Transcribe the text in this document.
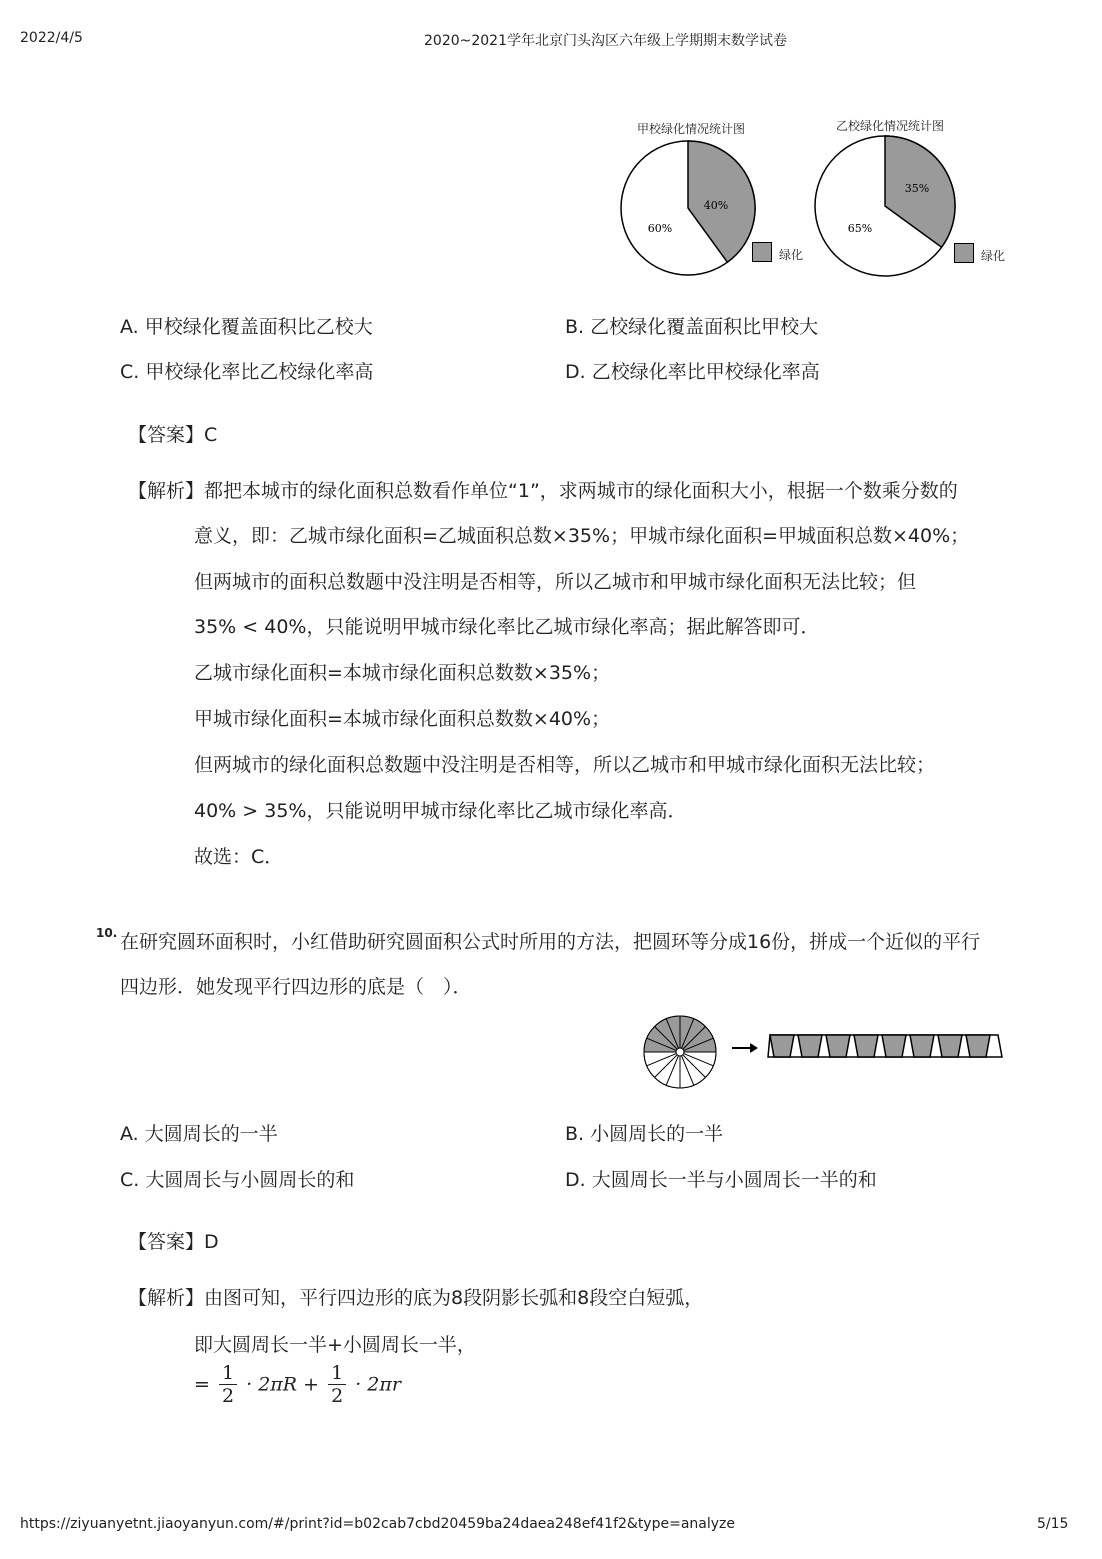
2022/4/5	2020~2021学年北京门头沟区六年级上学期期末数学试卷
甲校绿化情况统计图
40%
60%
绿化
乙校绿化情况统计图
35%
65%
绿化
A. 甲校绿化覆盖面积比乙校大	B. 乙校绿化覆盖面积比甲校大
C. 甲校绿化率比乙校绿化率高	D. 乙校绿化率比甲校绿化率高
【答案】C
【解析】都把本城市的绿化面积总数看作单位“1”，求两城市的绿化面积大小，根据一个数乘分数的
意义，即：乙城市绿化面积=乙城面积总数×35%；甲城市绿化面积=甲城面积总数×40%；
但两城市的面积总数题中没注明是否相等，所以乙城市和甲城市绿化面积无法比较；但
35% < 40%，只能说明甲城市绿化率比乙城市绿化率高；据此解答即可．
乙城市绿化面积=本城市绿化面积总数数×35%；
甲城市绿化面积=本城市绿化面积总数数×40%；
但两城市的绿化面积总数题中没注明是否相等，所以乙城市和甲城市绿化面积无法比较；
40% > 35%，只能说明甲城市绿化率比乙城市绿化率高．
故选：C．
10. 在研究圆环面积时，小红借助研究圆面积公式时所用的方法，把圆环等分成16份，拼成一个近似的平行
四边形．她发现平行四边形的底是（　）．
A. 大圆周长的一半	B. 小圆周长的一半
C. 大圆周长与小圆周长的和	D. 大圆周长一半与小圆周长一半的和
【答案】D
【解析】由图可知，平行四边形的底为8段阴影长弧和8段空白短弧，
即大圆周长一半+小圆周长一半，
= $\frac{1}{2} \cdot 2\pi R + \frac{1}{2} \cdot 2\pi r$
https://ziyuanyetnt.jiaoyanyun.com/#/print?id=b02cab7cbd20459ba24daea248ef41f2&type=analyze	5/15
